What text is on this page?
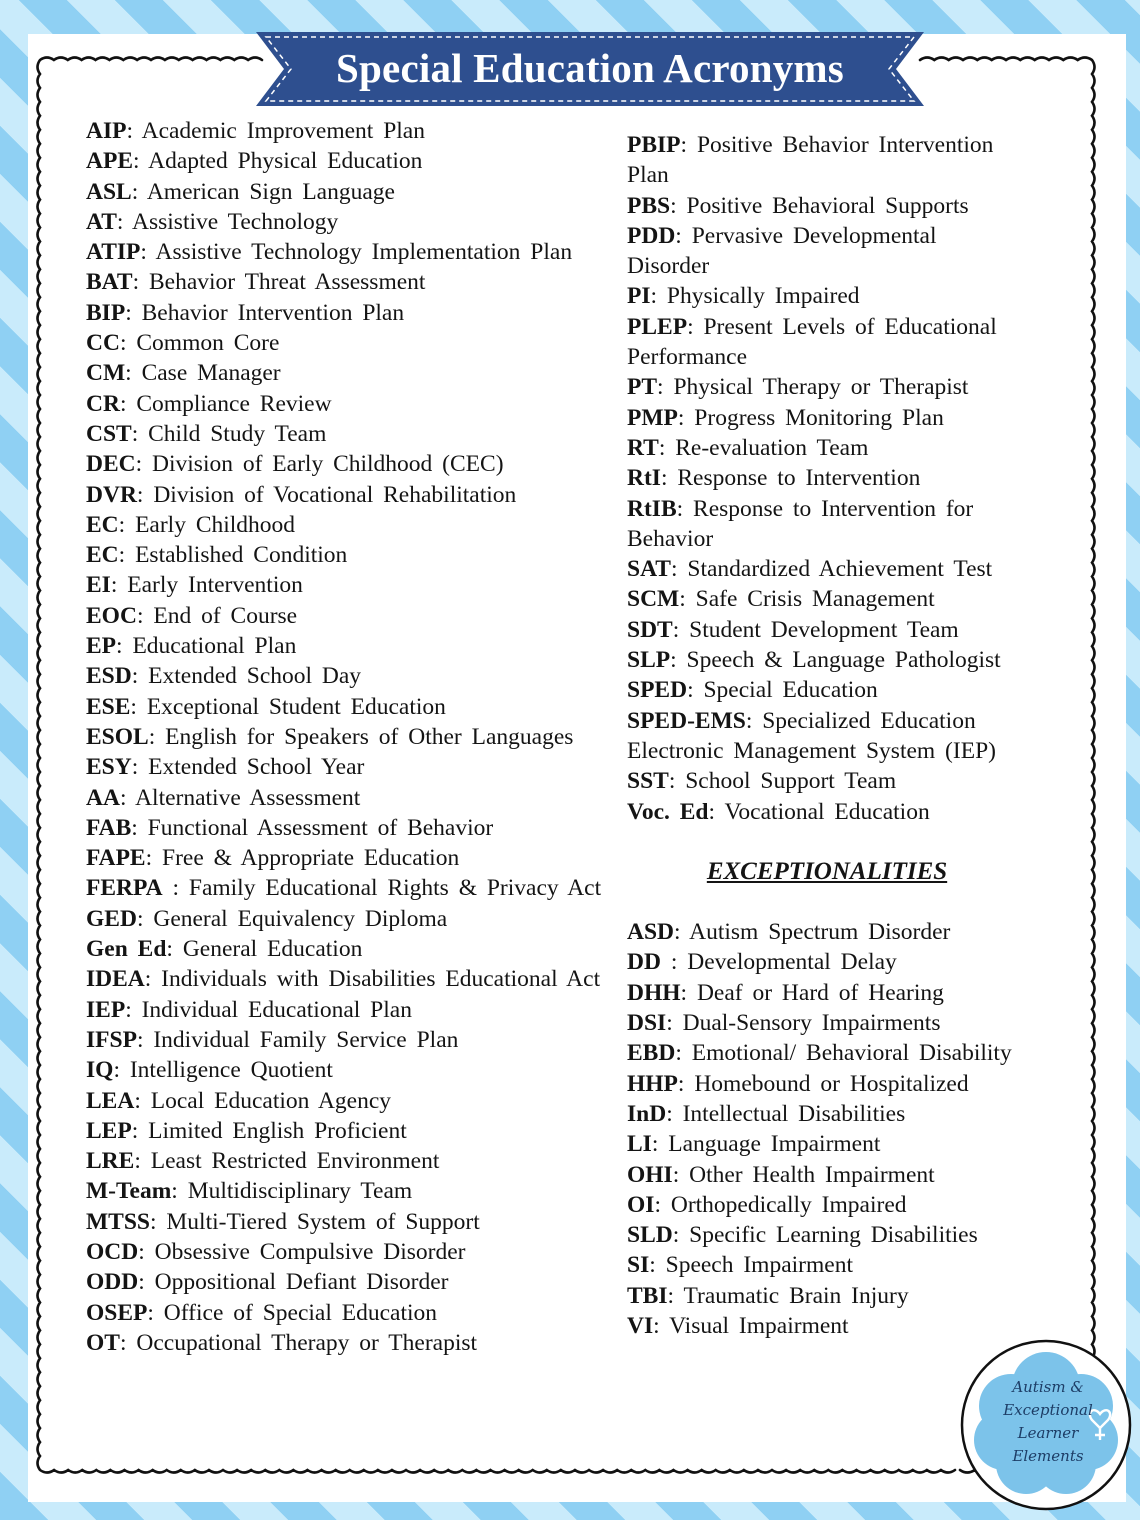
Special Education Acronyms
AIP: Academic Improvement Plan
APE: Adapted Physical Education
ASL: American Sign Language
AT: Assistive Technology
ATIP: Assistive Technology Implementation Plan
BAT: Behavior Threat Assessment
BIP: Behavior Intervention Plan
CC: Common Core
CM: Case Manager
CR: Compliance Review
CST: Child Study Team
DEC: Division of Early Childhood (CEC)
DVR: Division of Vocational Rehabilitation
EC: Early Childhood
EC: Established Condition
EI: Early Intervention
EOC: End of Course
EP: Educational Plan
ESD: Extended School Day
ESE: Exceptional Student Education
ESOL: English for Speakers of Other Languages
ESY: Extended School Year
AA: Alternative Assessment
FAB: Functional Assessment of Behavior
FAPE: Free & Appropriate Education
FERPA : Family Educational Rights & Privacy Act
GED: General Equivalency Diploma
Gen Ed: General Education
IDEA: Individuals with Disabilities Educational Act
IEP: Individual Educational Plan
IFSP: Individual Family Service Plan
IQ: Intelligence Quotient
LEA: Local Education Agency
LEP: Limited English Proficient
LRE: Least Restricted Environment
M-Team: Multidisciplinary Team
MTSS: Multi-Tiered System of Support
OCD: Obsessive Compulsive Disorder
ODD: Oppositional Defiant Disorder
OSEP: Office of Special Education
OT: Occupational Therapy or Therapist
PBIP: Positive Behavior Intervention Plan
PBS: Positive Behavioral Supports
PDD: Pervasive Developmental Disorder
PI: Physically Impaired
PLEP: Present Levels of Educational Performance
PT: Physical Therapy or Therapist
PMP: Progress Monitoring Plan
RT: Re-evaluation Team
RtI: Response to Intervention
RtIB: Response to Intervention for Behavior
SAT: Standardized Achievement Test
SCM: Safe Crisis Management
SDT: Student Development Team
SLP: Speech & Language Pathologist
SPED: Special Education
SPED-EMS: Specialized Education Electronic Management System (IEP)
SST: School Support Team
Voc. Ed: Vocational Education
EXCEPTIONALITIES
ASD: Autism Spectrum Disorder
DD : Developmental Delay
DHH: Deaf or Hard of Hearing
DSI: Dual-Sensory Impairments
EBD: Emotional/ Behavioral Disability
HHP: Homebound or Hospitalized
InD: Intellectual Disabilities
LI: Language Impairment
OHI: Other Health Impairment
OI: Orthopedically Impaired
SLD: Specific Learning Disabilities
SI: Speech Impairment
TBI: Traumatic Brain Injury
VI: Visual Impairment
Autism &
Exceptional
Learner
Elements
